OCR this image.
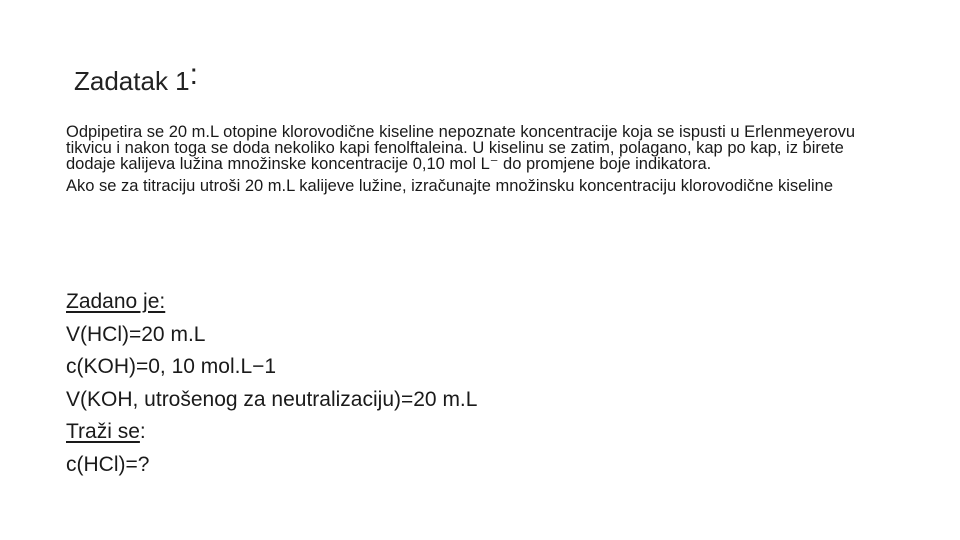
Zadatak 1:

Odpipetira se 20 m.L otopine klorovodične kiseline nepoznate koncentracije koja se ispusti u Erlenmeyerovu tikvicu i nakon toga se doda nekoliko kapi fenolftaleina. U kiselinu se zatim, polagano, kap po kap, iz birete dodaje kalijeva lužina množinske koncentracije 0,10 mol L⁻ do promjene boje indikatora.

Ako se za titraciju utroši 20 m.L kalijeve lužine, izračunajte množinsku koncentraciju klorovodične kiseline

Zadano je:
V(HCl)=20 m.L
c(KOH)=0, 10 mol.L−1
V(KOH, utrošenog za neutralizaciju)=20 m.L
Traži se:
c(HCl)=?
